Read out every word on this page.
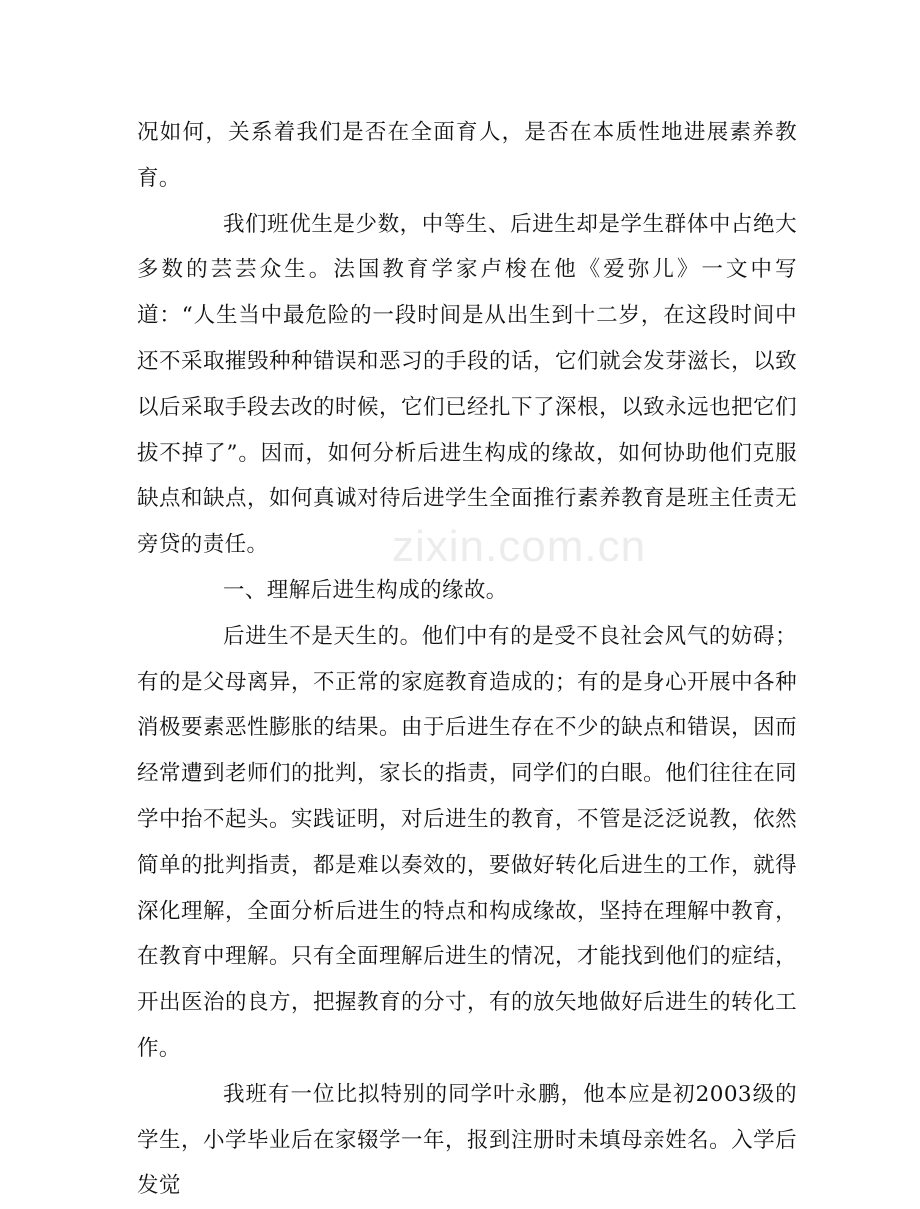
况如何，关系着我们是否在全面育人，是否在本质性地进展素养教育。

我们班优生是少数，中等生、后进生却是学生群体中占绝大多数的芸芸众生。法国教育学家卢梭在他《爱弥儿》一文中写道：“人生当中最危险的一段时间是从出生到十二岁，在这段时间中还不采取摧毁种种错误和恶习的手段的话，它们就会发芽滋长，以致以后采取手段去改的时候，它们已经扎下了深根，以致永远也把它们拔不掉了”。因而，如何分析后进生构成的缘故，如何协助他们克服缺点和缺点，如何真诚对待后进学生全面推行素养教育是班主任责无旁贷的责任。

一、理解后进生构成的缘故。

后进生不是天生的。他们中有的是受不良社会风气的妨碍；有的是父母离异，不正常的家庭教育造成的；有的是身心开展中各种消极要素恶性膨胀的结果。由于后进生存在不少的缺点和错误，因而经常遭到老师们的批判，家长的指责，同学们的白眼。他们往往在同学中抬不起头。实践证明，对后进生的教育，不管是泛泛说教，依然简单的批判指责，都是难以奏效的，要做好转化后进生的工作，就得深化理解，全面分析后进生的特点和构成缘故，坚持在理解中教育，在教育中理解。只有全面理解后进生的情况，才能找到他们的症结，开出医治的良方，把握教育的分寸，有的放矢地做好后进生的转化工作。

我班有一位比拟特别的同学叶永鹏，他本应是初2003级的学生，小学毕业后在家辍学一年，报到注册时未填母亲姓名。入学后发觉

zixin.com.cn
